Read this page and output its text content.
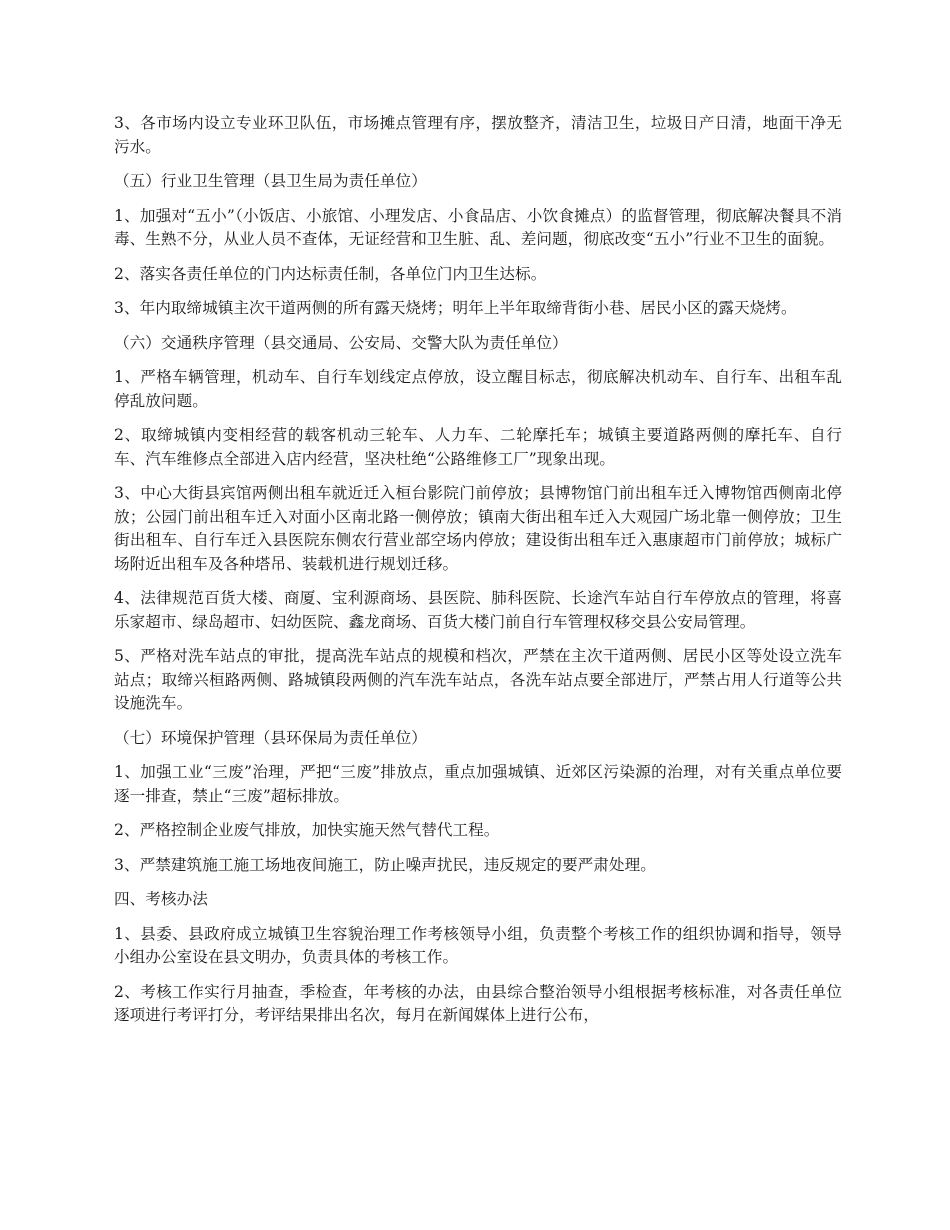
3、各市场内设立专业环卫队伍，市场摊点管理有序，摆放整齐，清洁卫生，垃圾日产日清，地面干净无污水。

（五）行业卫生管理（县卫生局为责任单位）

1、加强对“五小”（小饭店、小旅馆、小理发店、小食品店、小饮食摊点）的监督管理，彻底解决餐具不消毒、生熟不分，从业人员不查体，无证经营和卫生脏、乱、差问题，彻底改变“五小”行业不卫生的面貌。

2、落实各责任单位的门内达标责任制，各单位门内卫生达标。

3、年内取缔城镇主次干道两侧的所有露天烧烤；明年上半年取缔背街小巷、居民小区的露天烧烤。

（六）交通秩序管理（县交通局、公安局、交警大队为责任单位）

1、严格车辆管理，机动车、自行车划线定点停放，设立醒目标志，彻底解决机动车、自行车、出租车乱停乱放问题。

2、取缔城镇内变相经营的载客机动三轮车、人力车、二轮摩托车；城镇主要道路两侧的摩托车、自行车、汽车维修点全部进入店内经营，坚决杜绝“公路维修工厂”现象出现。

3、中心大街县宾馆两侧出租车就近迁入桓台影院门前停放；县博物馆门前出租车迁入博物馆西侧南北停放；公园门前出租车迁入对面小区南北路一侧停放；镇南大街出租车迁入大观园广场北靠一侧停放；卫生街出租车、自行车迁入县医院东侧农行营业部空场内停放；建设街出租车迁入惠康超市门前停放；城标广场附近出租车及各种塔吊、装载机进行规划迁移。

4、法律规范百货大楼、商厦、宝利源商场、县医院、肺科医院、长途汽车站自行车停放点的管理，将喜乐家超市、绿岛超市、妇幼医院、鑫龙商场、百货大楼门前自行车管理权移交县公安局管理。

5、严格对洗车站点的审批，提高洗车站点的规模和档次，严禁在主次干道两侧、居民小区等处设立洗车站点；取缔兴桓路两侧、路城镇段两侧的汽车洗车站点，各洗车站点要全部进厅，严禁占用人行道等公共设施洗车。

（七）环境保护管理（县环保局为责任单位）

1、加强工业“三废”治理，严把“三废”排放点，重点加强城镇、近郊区污染源的治理，对有关重点单位要逐一排查，禁止“三废”超标排放。

2、严格控制企业废气排放，加快实施天然气替代工程。

3、严禁建筑施工施工场地夜间施工，防止噪声扰民，违反规定的要严肃处理。

四、考核办法

1、县委、县政府成立城镇卫生容貌治理工作考核领导小组，负责整个考核工作的组织协调和指导，领导小组办公室设在县文明办，负责具体的考核工作。

2、考核工作实行月抽查，季检查，年考核的办法，由县综合整治领导小组根据考核标准，对各责任单位逐项进行考评打分，考评结果排出名次，每月在新闻媒体上进行公布，
